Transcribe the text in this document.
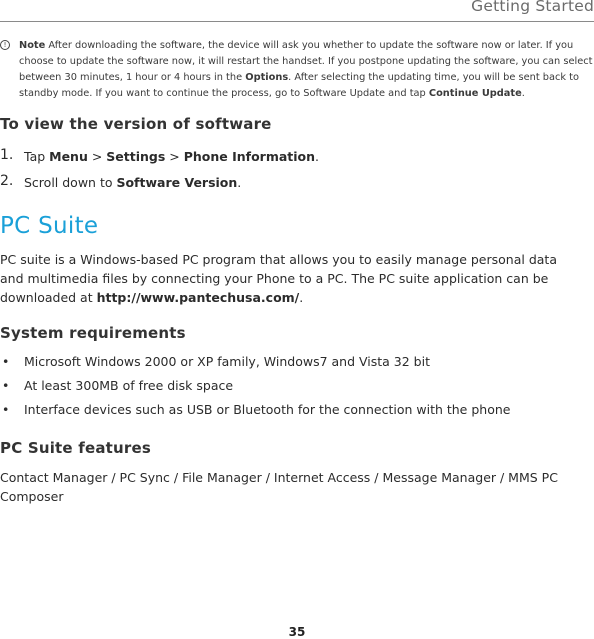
Getting Started
!	Note After downloading the software, the device will ask you whether to update the software now or later. If you choose to update the software now, it will restart the handset. If you postpone updating the software, you can select between 30 minutes, 1 hour or 4 hours in the Options. After selecting the updating time, you will be sent back to standby mode. If you want to continue the process, go to Software Update and tap Continue Update.
To view the version of software
1. Tap Menu > Settings > Phone Information.
2. Scroll down to Software Version.
PC Suite
PC suite is a Windows-based PC program that allows you to easily manage personal data and multimedia files by connecting your Phone to a PC. The PC suite application can be downloaded at http://www.pantechusa.com/.
System requirements
• Microsoft Windows 2000 or XP family, Windows7 and Vista 32 bit
• At least 300MB of free disk space
• Interface devices such as USB or Bluetooth for the connection with the phone
PC Suite features
Contact Manager / PC Sync / File Manager / Internet Access / Message Manager / MMS PC Composer
35
